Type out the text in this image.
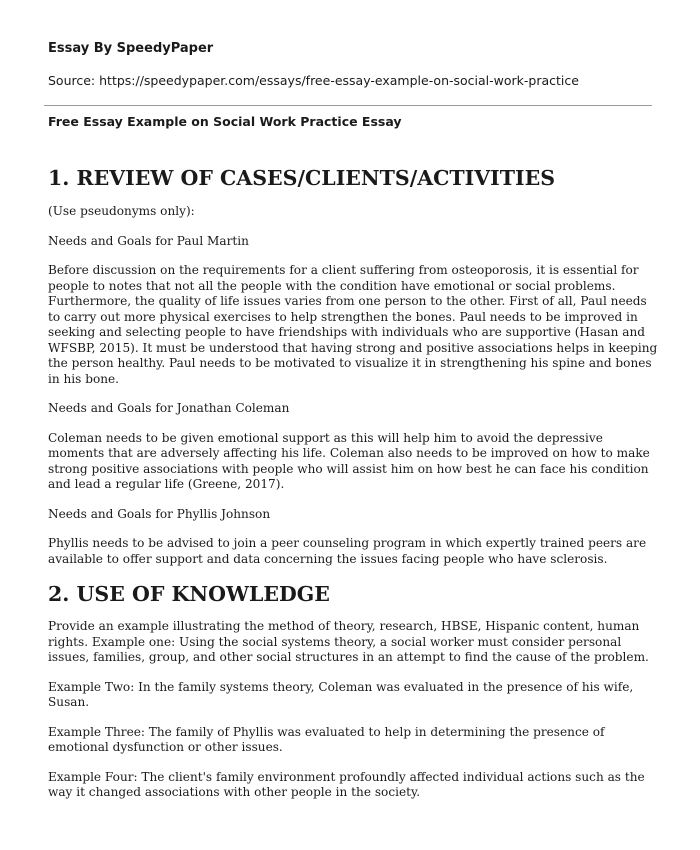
Essay By SpeedyPaper

Source: https://speedypaper.com/essays/free-essay-example-on-social-work-practice

Free Essay Example on Social Work Practice Essay

1. REVIEW OF CASES/CLIENTS/ACTIVITIES

(Use pseudonyms only):

Needs and Goals for Paul Martin

Before discussion on the requirements for a client suffering from osteoporosis, it is essential for people to notes that not all the people with the condition have emotional or social problems. Furthermore, the quality of life issues varies from one person to the other. First of all, Paul needs to carry out more physical exercises to help strengthen the bones. Paul needs to be improved in seeking and selecting people to have friendships with individuals who are supportive (Hasan and WFSBP, 2015). It must be understood that having strong and positive associations helps in keeping the person healthy. Paul needs to be motivated to visualize it in strengthening his spine and bones in his bone.

Needs and Goals for Jonathan Coleman

Coleman needs to be given emotional support as this will help him to avoid the depressive moments that are adversely affecting his life. Coleman also needs to be improved on how to make strong positive associations with people who will assist him on how best he can face his condition and lead a regular life (Greene, 2017).

Needs and Goals for Phyllis Johnson

Phyllis needs to be advised to join a peer counseling program in which expertly trained peers are available to offer support and data concerning the issues facing people who have sclerosis.

2. USE OF KNOWLEDGE

Provide an example illustrating the method of theory, research, HBSE, Hispanic content, human rights. Example one: Using the social systems theory, a social worker must consider personal issues, families, group, and other social structures in an attempt to find the cause of the problem.

Example Two: In the family systems theory, Coleman was evaluated in the presence of his wife, Susan.

Example Three: The family of Phyllis was evaluated to help in determining the presence of emotional dysfunction or other issues.

Example Four: The client's family environment profoundly affected individual actions such as the way it changed associations with other people in the society.
